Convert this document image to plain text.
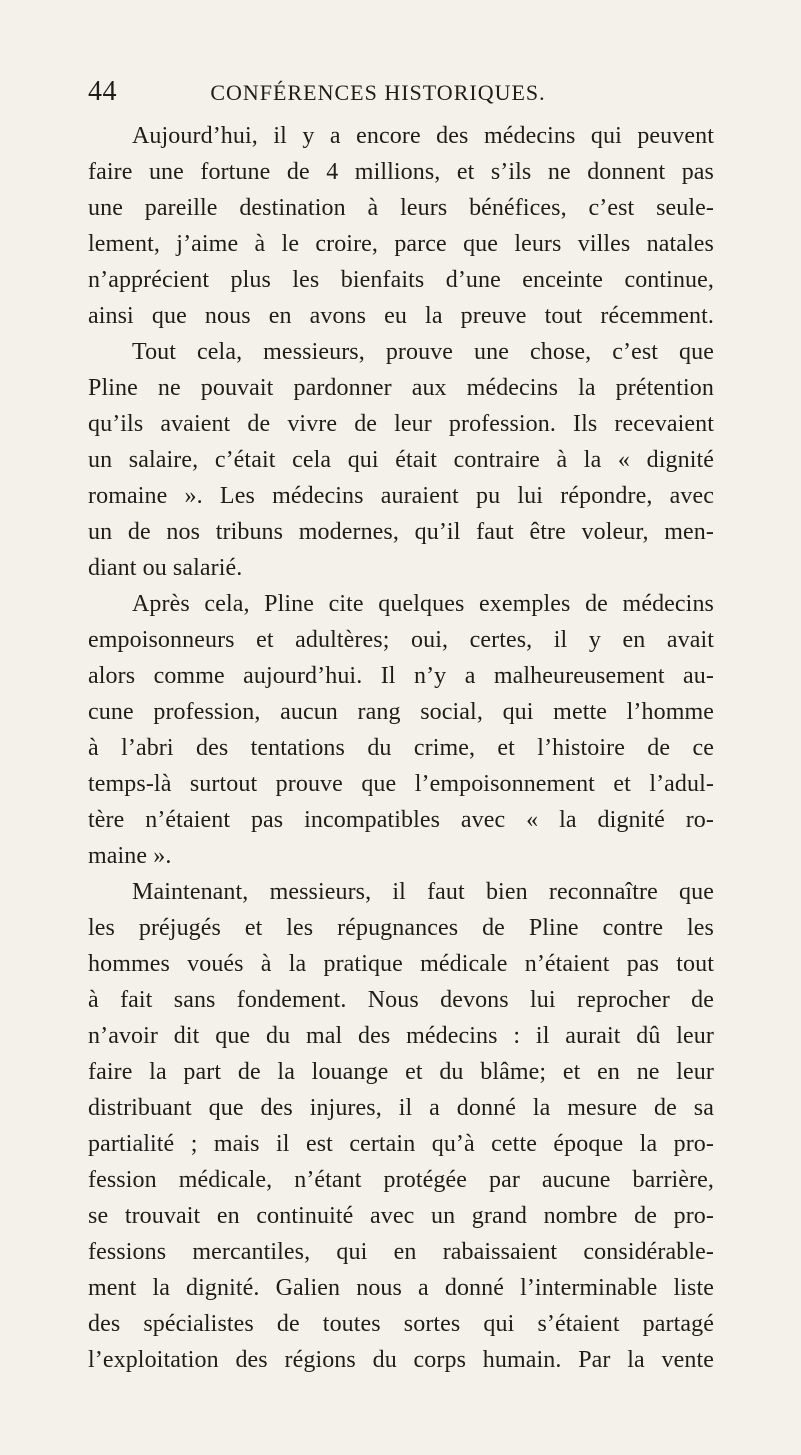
44	CONFÉRENCES HISTORIQUES.
Aujourd’hui, il y a encore des médecins qui peuvent
faire une fortune de 4 millions, et s’ils ne donnent pas
une pareille destination à leurs bénéfices, c’est seule-
lement, j’aime à le croire, parce que leurs villes natales
n’apprécient plus les bienfaits d’une enceinte continue,
ainsi que nous en avons eu la preuve tout récemment.
Tout cela, messieurs, prouve une chose, c’est que
Pline ne pouvait pardonner aux médecins la prétention
qu’ils avaient de vivre de leur profession. Ils recevaient
un salaire, c’était cela qui était contraire à la « dignité
romaine ». Les médecins auraient pu lui répondre, avec
un de nos tribuns modernes, qu’il faut être voleur, men-
diant ou salarié.
Après cela, Pline cite quelques exemples de médecins
empoisonneurs et adultères; oui, certes, il y en avait
alors comme aujourd’hui. Il n’y a malheureusement au-
cune profession, aucun rang social, qui mette l’homme
à l’abri des tentations du crime, et l’histoire de ce
temps-là surtout prouve que l’empoisonnement et l’adul-
tère n’étaient pas incompatibles avec « la dignité ro-
maine ».
Maintenant, messieurs, il faut bien reconnaître que
les préjugés et les répugnances de Pline contre les
hommes voués à la pratique médicale n’étaient pas tout
à fait sans fondement. Nous devons lui reprocher de
n’avoir dit que du mal des médecins : il aurait dû leur
faire la part de la louange et du blâme; et en ne leur
distribuant que des injures, il a donné la mesure de sa
partialité ; mais il est certain qu’à cette époque la pro-
fession médicale, n’étant protégée par aucune barrière,
se trouvait en continuité avec un grand nombre de pro-
fessions mercantiles, qui en rabaissaient considérable-
ment la dignité. Galien nous a donné l’interminable liste
des spécialistes de toutes sortes qui s’étaient partagé
l’exploitation des régions du corps humain. Par la vente
